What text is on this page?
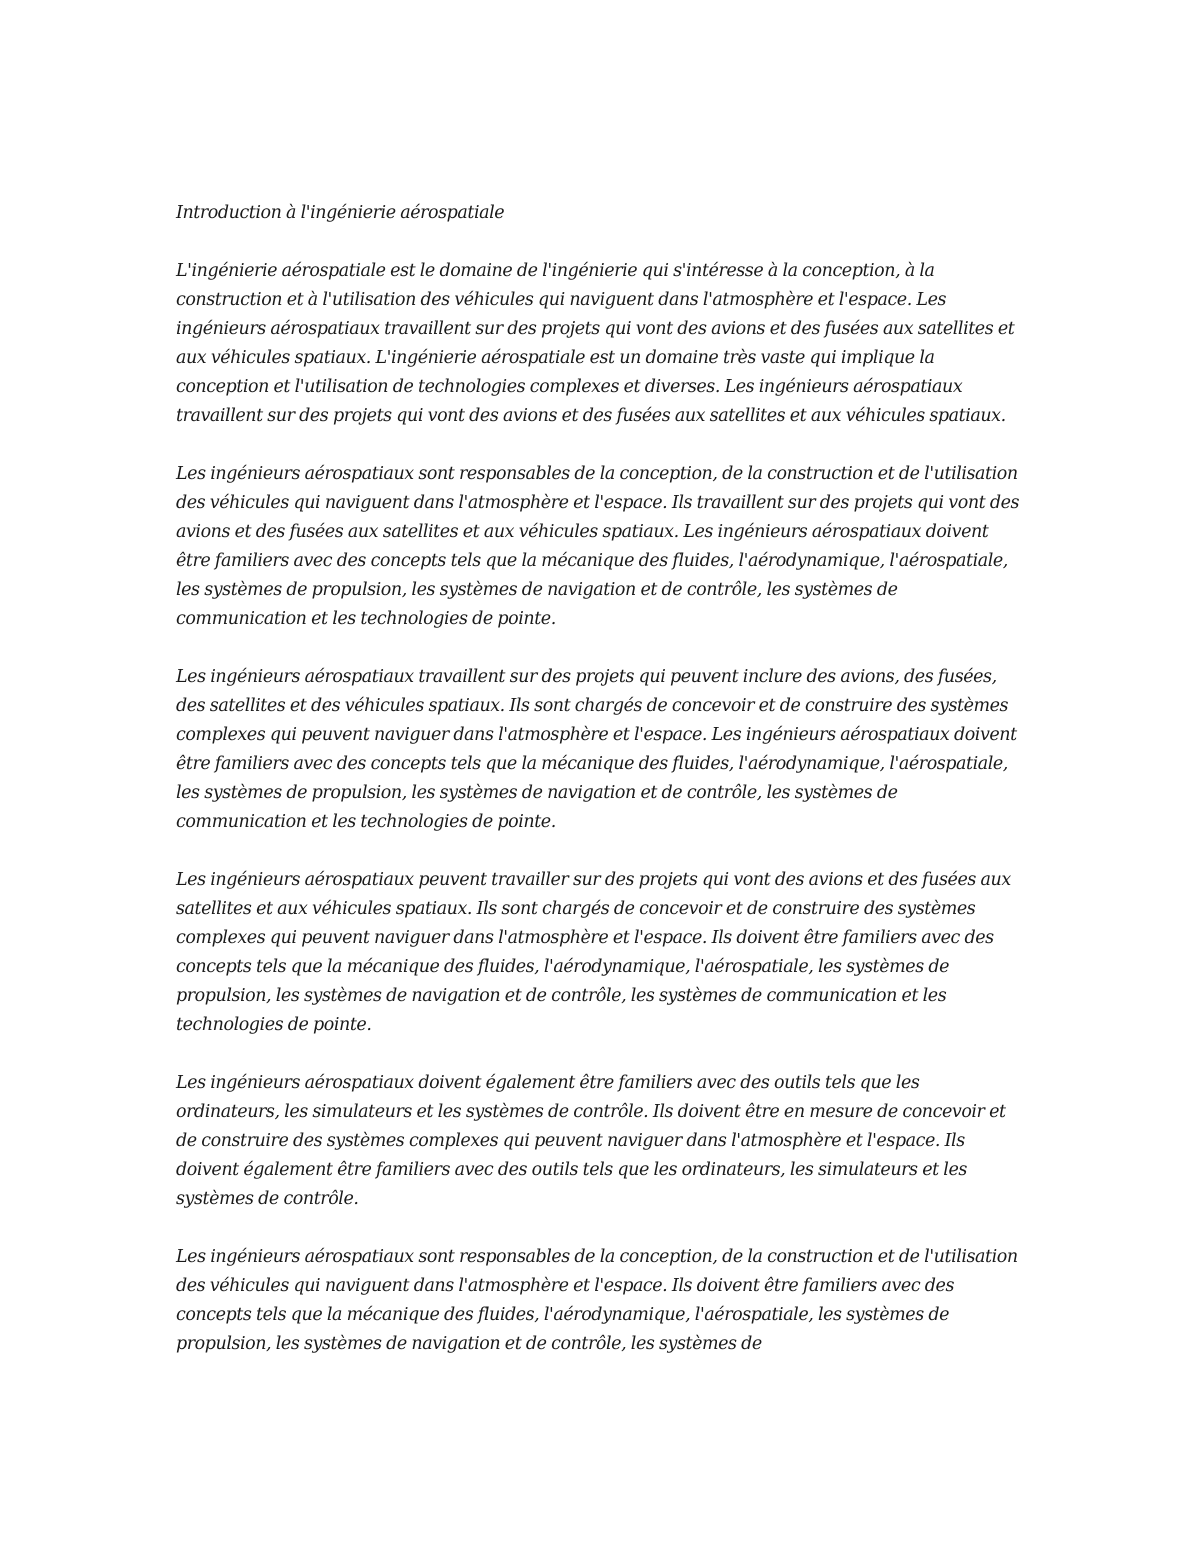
Introduction à l'ingénierie aérospatiale

L'ingénierie aérospatiale est le domaine de l'ingénierie qui s'intéresse à la conception, à la construction et à l'utilisation des véhicules qui naviguent dans l'atmosphère et l'espace. Les ingénieurs aérospatiaux travaillent sur des projets qui vont des avions et des fusées aux satellites et aux véhicules spatiaux. L'ingénierie aérospatiale est un domaine très vaste qui implique la conception et l'utilisation de technologies complexes et diverses. Les ingénieurs aérospatiaux travaillent sur des projets qui vont des avions et des fusées aux satellites et aux véhicules spatiaux.

Les ingénieurs aérospatiaux sont responsables de la conception, de la construction et de l'utilisation des véhicules qui naviguent dans l'atmosphère et l'espace. Ils travaillent sur des projets qui vont des avions et des fusées aux satellites et aux véhicules spatiaux. Les ingénieurs aérospatiaux doivent être familiers avec des concepts tels que la mécanique des fluides, l'aérodynamique, l'aérospatiale, les systèmes de propulsion, les systèmes de navigation et de contrôle, les systèmes de communication et les technologies de pointe.

Les ingénieurs aérospatiaux travaillent sur des projets qui peuvent inclure des avions, des fusées, des satellites et des véhicules spatiaux. Ils sont chargés de concevoir et de construire des systèmes complexes qui peuvent naviguer dans l'atmosphère et l'espace. Les ingénieurs aérospatiaux doivent être familiers avec des concepts tels que la mécanique des fluides, l'aérodynamique, l'aérospatiale, les systèmes de propulsion, les systèmes de navigation et de contrôle, les systèmes de communication et les technologies de pointe.

Les ingénieurs aérospatiaux peuvent travailler sur des projets qui vont des avions et des fusées aux satellites et aux véhicules spatiaux. Ils sont chargés de concevoir et de construire des systèmes complexes qui peuvent naviguer dans l'atmosphère et l'espace. Ils doivent être familiers avec des concepts tels que la mécanique des fluides, l'aérodynamique, l'aérospatiale, les systèmes de propulsion, les systèmes de navigation et de contrôle, les systèmes de communication et les technologies de pointe.

Les ingénieurs aérospatiaux doivent également être familiers avec des outils tels que les ordinateurs, les simulateurs et les systèmes de contrôle. Ils doivent être en mesure de concevoir et de construire des systèmes complexes qui peuvent naviguer dans l'atmosphère et l'espace. Ils doivent également être familiers avec des outils tels que les ordinateurs, les simulateurs et les systèmes de contrôle.

Les ingénieurs aérospatiaux sont responsables de la conception, de la construction et de l'utilisation des véhicules qui naviguent dans l'atmosphère et l'espace. Ils doivent être familiers avec des concepts tels que la mécanique des fluides, l'aérodynamique, l'aérospatiale, les systèmes de propulsion, les systèmes de navigation et de contrôle, les systèmes de
